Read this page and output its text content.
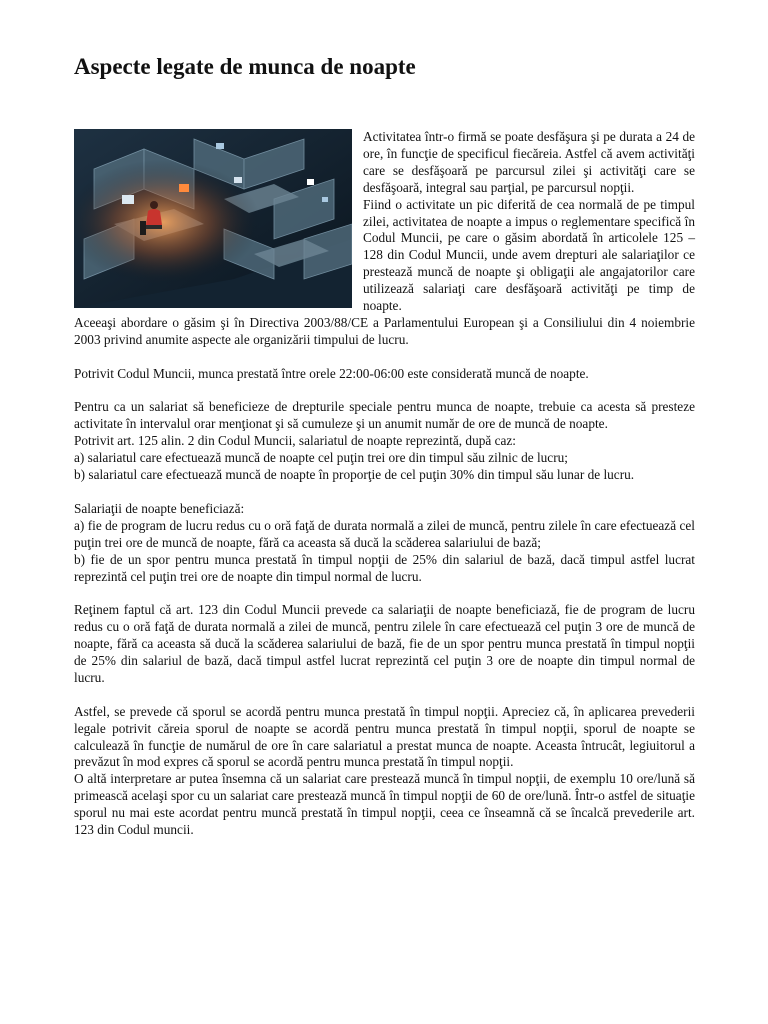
Aspecte legate de munca de noapte

Activitatea într-o firmă se poate desfăşura şi pe durata a 24 de ore, în funcţie de specificul fiecăreia. Astfel că avem activităţi care se desfăşoară pe parcursul zilei şi activităţi care se desfăşoară, integral sau parţial, pe parcursul nopţii.

Fiind o activitate un pic diferită de cea normală de pe timpul zilei, activitatea de noapte a impus o reglementare specifică în Codul Muncii, pe care o găsim abordată în articolele 125 – 128 din Codul Muncii, unde avem drepturi ale salariaţilor ce prestează muncă de noapte şi obligaţii ale angajatorilor care utilizează salariaţi care desfăşoară activităţi pe timp de noapte.

Aceeaşi abordare o găsim şi în Directiva 2003/88/CE a Parlamentului European şi a Consiliului din 4 noiembrie 2003 privind anumite aspecte ale organizării timpului de lucru.

Potrivit Codul Muncii, munca prestată între orele 22:00-06:00 este considerată muncă de noapte.

Pentru ca un salariat să beneficieze de drepturile speciale pentru munca de noapte, trebuie ca acesta să presteze activitate în intervalul orar menţionat şi să cumuleze şi un anumit număr de ore de muncă de noapte.

Potrivit art. 125 alin. 2 din Codul Muncii, salariatul de noapte reprezintă, după caz:

a) salariatul care efectuează muncă de noapte cel puţin trei ore din timpul său zilnic de lucru;

b) salariatul care efectuează muncă de noapte în proporţie de cel puţin 30% din timpul său lunar de lucru.

Salariaţii de noapte beneficiază:

a) fie de program de lucru redus cu o oră faţă de durata normală a zilei de muncă, pentru zilele în care efectuează cel puţin trei ore de muncă de noapte, fără ca aceasta să ducă la scăderea salariului de bază;

b) fie de un spor pentru munca prestată în timpul nopţii de 25% din salariul de bază, dacă timpul astfel lucrat reprezintă cel puţin trei ore de noapte din timpul normal de lucru.

Reţinem faptul că art. 123 din Codul Muncii prevede ca salariaţii de noapte beneficiază, fie de program de lucru redus cu o oră faţă de durata normală a zilei de muncă, pentru zilele în care efectuează cel puţin 3 ore de muncă de noapte, fără ca aceasta să ducă la scăderea salariului de bază, fie de un spor pentru munca prestată în timpul nopţii de 25% din salariul de bază, dacă timpul astfel lucrat reprezintă cel puţin 3 ore de noapte din timpul normal de lucru.

Astfel, se prevede că sporul se acordă pentru munca prestată în timpul nopţii. Apreciez că, în aplicarea prevederii legale potrivit căreia sporul de noapte se acordă pentru munca prestată în timpul nopţii, sporul de noapte se calculează în funcţie de numărul de ore în care salariatul a prestat munca de noapte. Aceasta întrucât, legiuitorul a prevăzut în mod expres că sporul se acordă pentru munca prestată în timpul nopţii.

O altă interpretare ar putea însemna că un salariat care prestează muncă în timpul nopţii, de exemplu 10 ore/lună să primească acelaşi spor cu un salariat care prestează muncă în timpul nopţii de 60 de ore/lună. Într-o astfel de situaţie sporul nu mai este acordat pentru muncă prestată în timpul nopţii, ceea ce înseamnă că se încalcă prevederile art. 123 din Codul muncii.
